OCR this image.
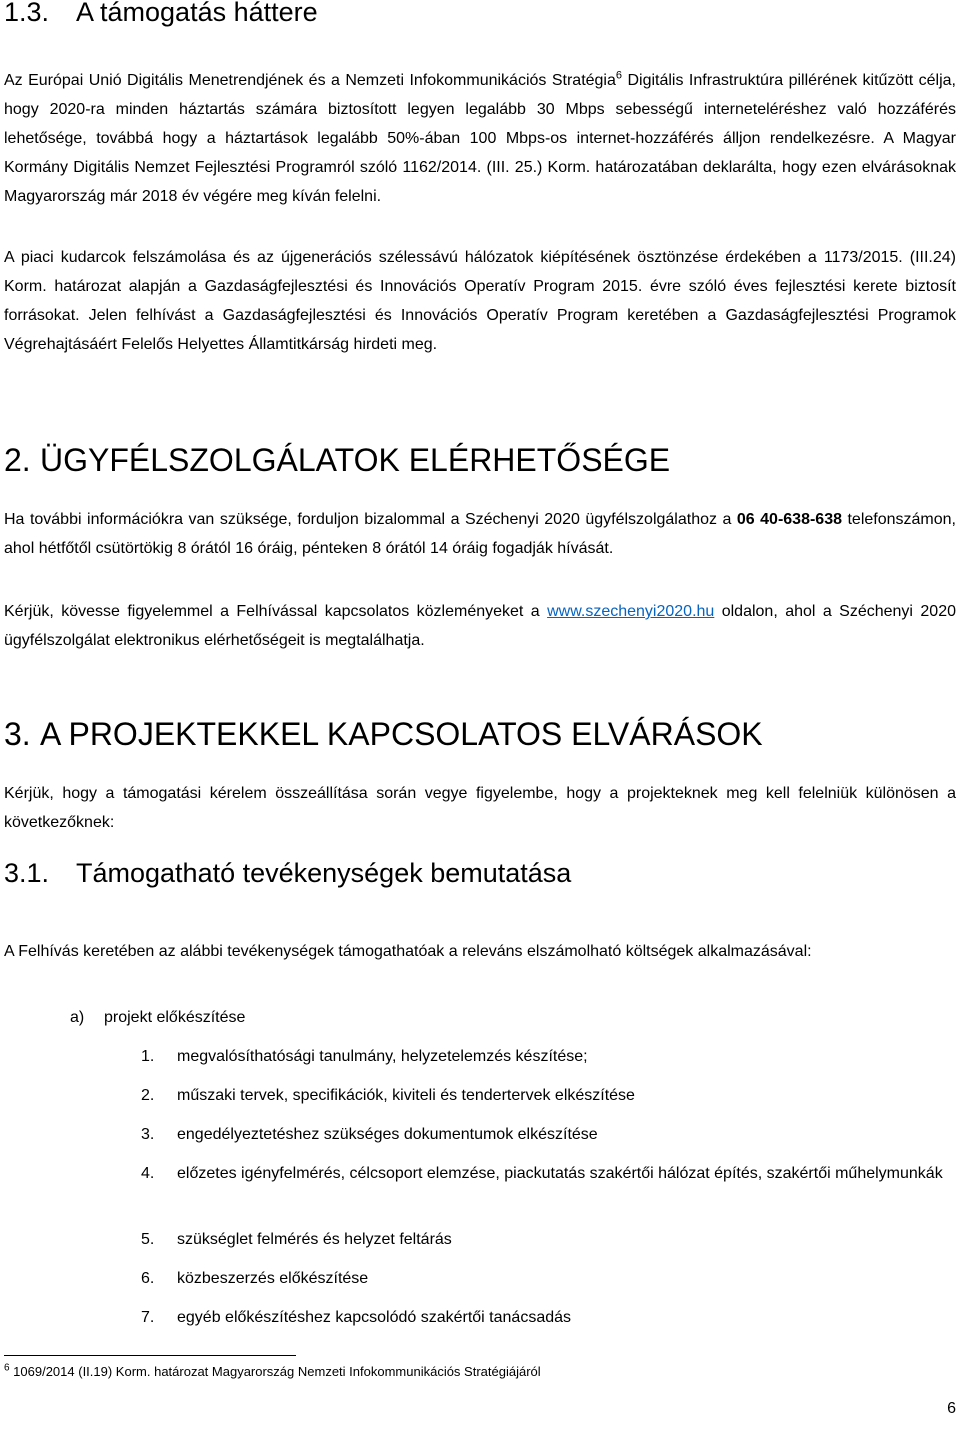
1.3. A támogatás háttere

Az Európai Unió Digitális Menetrendjének és a Nemzeti Infokommunikációs Stratégia$^6$ Digitális Infrastruktúra pillérének kitűzött célja, hogy 2020-ra minden háztartás számára biztosított legyen legalább 30 Mbps sebességű interneteléréshez való hozzáférés lehetősége, továbbá hogy a háztartások legalább 50%-ában 100 Mbps-os internet-hozzáférés álljon rendelkezésre. A Magyar Kormány Digitális Nemzet Fejlesztési Programról szóló 1162/2014. (III. 25.) Korm. határozatában deklarálta, hogy ezen elvárásoknak Magyarország már 2018 év végére meg kíván felelni.

A piaci kudarcok felszámolása és az újgenerációs szélessávú hálózatok kiépítésének ösztönzése érdekében a 1173/2015. (III.24) Korm. határozat alapján a Gazdaságfejlesztési és Innovációs Operatív Program 2015. évre szóló éves fejlesztési kerete biztosít forrásokat. Jelen felhívást a Gazdaságfejlesztési és Innovációs Operatív Program keretében a Gazdaságfejlesztési Programok Végrehajtásáért Felelős Helyettes Államtitkárság hirdeti meg.

2. ÜGYFÉLSZOLGÁLATOK ELÉRHETŐSÉGE

Ha további információkra van szüksége, forduljon bizalommal a Széchenyi 2020 ügyfélszolgálathoz a 06 40-638-638 telefonszámon, ahol hétfőtől csütörtökig 8 órától 16 óráig, pénteken 8 órától 14 óráig fogadják hívását.

Kérjük, kövesse figyelemmel a Felhívással kapcsolatos közleményeket a www.szechenyi2020.hu oldalon, ahol a Széchenyi 2020 ügyfélszolgálat elektronikus elérhetőségeit is megtalálhatja.

3. A PROJEKTEKKEL KAPCSOLATOS ELVÁRÁSOK

Kérjük, hogy a támogatási kérelem összeállítása során vegye figyelembe, hogy a projekteknek meg kell felelniük különösen a következőknek:

3.1. Támogatható tevékenységek bemutatása

A Felhívás keretében az alábbi tevékenységek támogathatóak a releváns elszámolható költségek alkalmazásával:

a) projekt előkészítése
1. megvalósíthatósági tanulmány, helyzetelemzés készítése;
2. műszaki tervek, specifikációk, kiviteli és tendertervek elkészítése
3. engedélyeztetéshez szükséges dokumentumok elkészítése
4. előzetes igényfelmérés, célcsoport elemzése, piackutatás szakértői hálózat építés, szakértői műhelymunkák
5. szükséglet felmérés és helyzet feltárás
6. közbeszerzés előkészítése
7. egyéb előkészítéshez kapcsolódó szakértői tanácsadás
$^6$ 1069/2014 (II.19) Korm. határozat Magyarország Nemzeti Infokommunikációs Stratégiájáról
6
